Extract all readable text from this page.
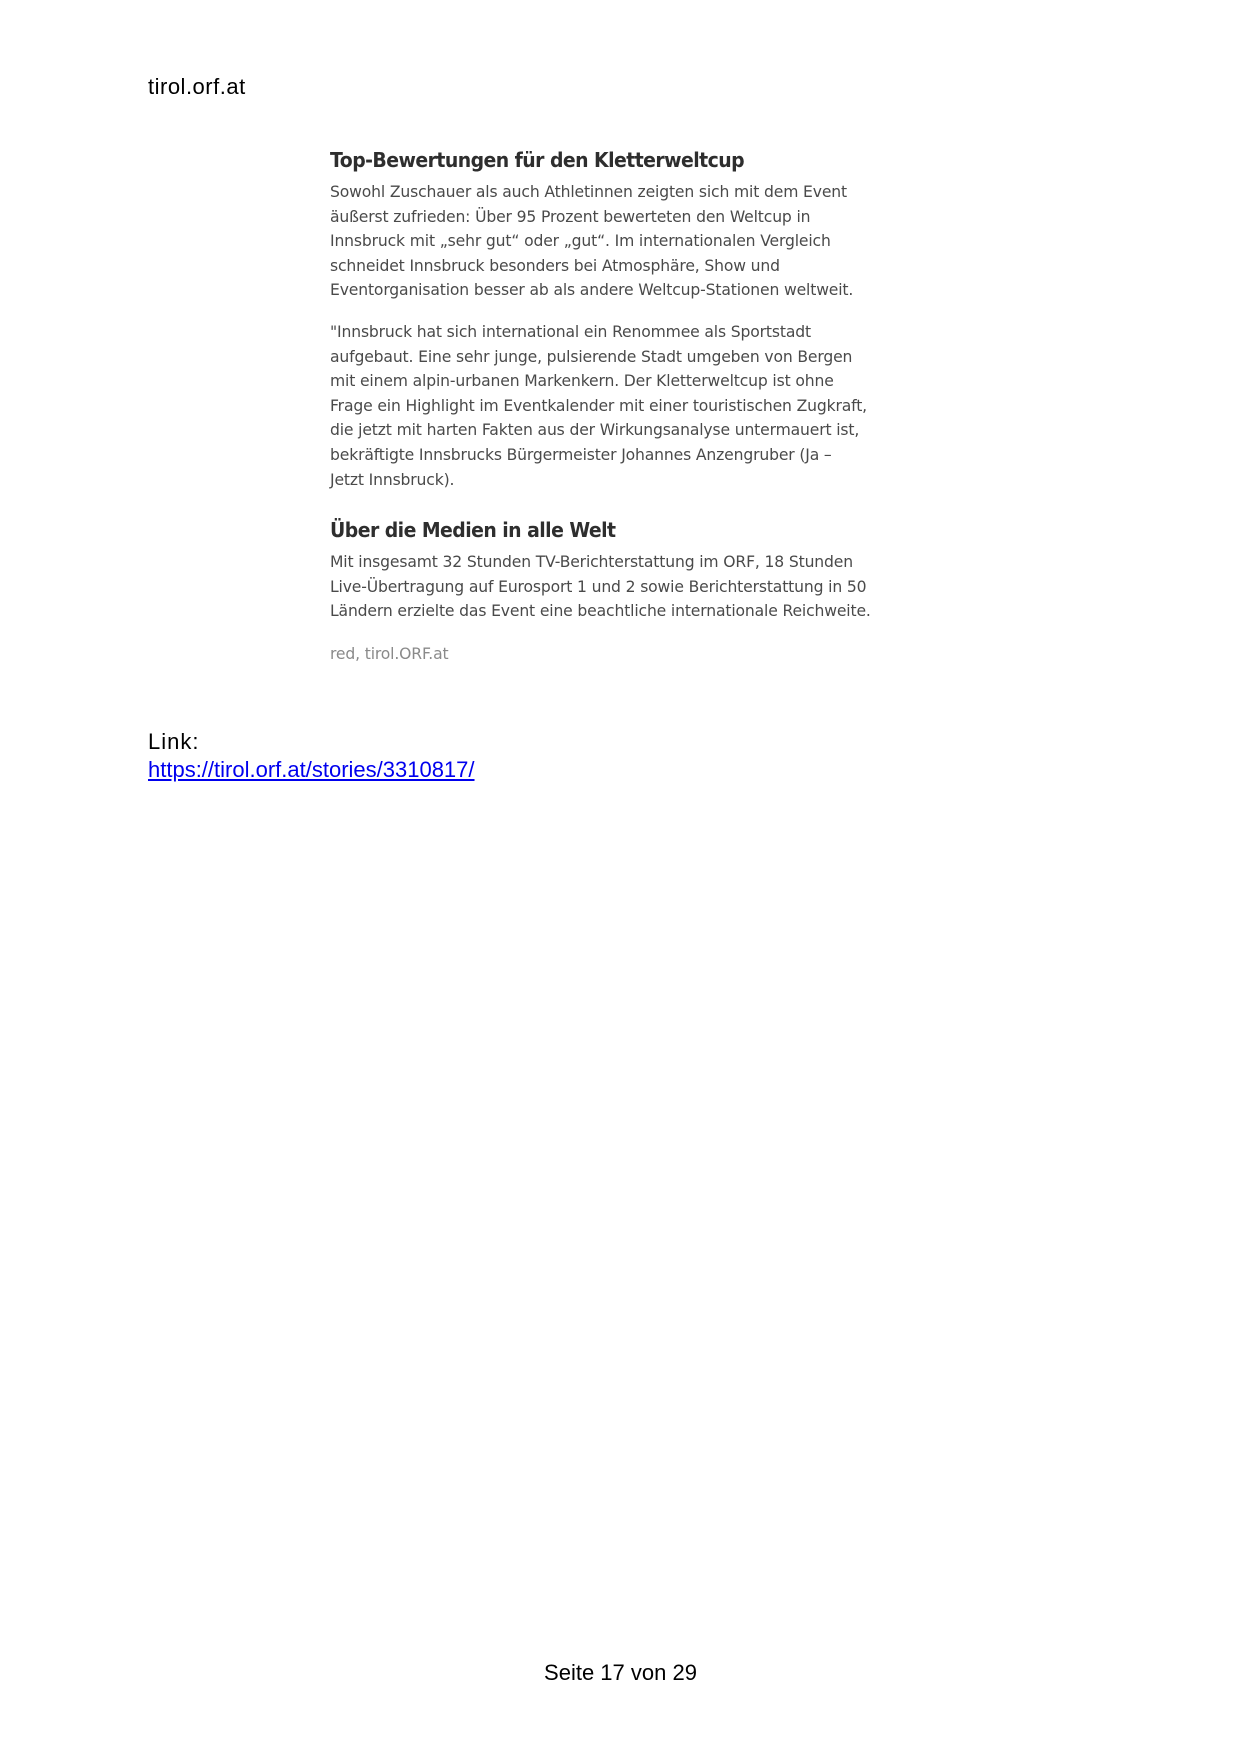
tirol.orf.at
Top-Bewertungen für den Kletterweltcup

Sowohl Zuschauer als auch Athletinnen zeigten sich mit dem Event
äußerst zufrieden: Über 95 Prozent bewerteten den Weltcup in
Innsbruck mit „sehr gut“ oder „gut“. Im internationalen Vergleich
schneidet Innsbruck besonders bei Atmosphäre, Show und
Eventorganisation besser ab als andere Weltcup-Stationen weltweit.

"Innsbruck hat sich international ein Renommee als Sportstadt
aufgebaut. Eine sehr junge, pulsierende Stadt umgeben von Bergen
mit einem alpin-urbanen Markenkern. Der Kletterweltcup ist ohne
Frage ein Highlight im Eventkalender mit einer touristischen Zugkraft,
die jetzt mit harten Fakten aus der Wirkungsanalyse untermauert ist,
bekräftigte Innsbrucks Bürgermeister Johannes Anzengruber (Ja –
Jetzt Innsbruck).

Über die Medien in alle Welt

Mit insgesamt 32 Stunden TV-Berichterstattung im ORF, 18 Stunden
Live-Übertragung auf Eurosport 1 und 2 sowie Berichterstattung in 50
Ländern erzielte das Event eine beachtliche internationale Reichweite.

red, tirol.ORF.at

Link:
https://tirol.orf.at/stories/3310817/
Seite 17 von 29
